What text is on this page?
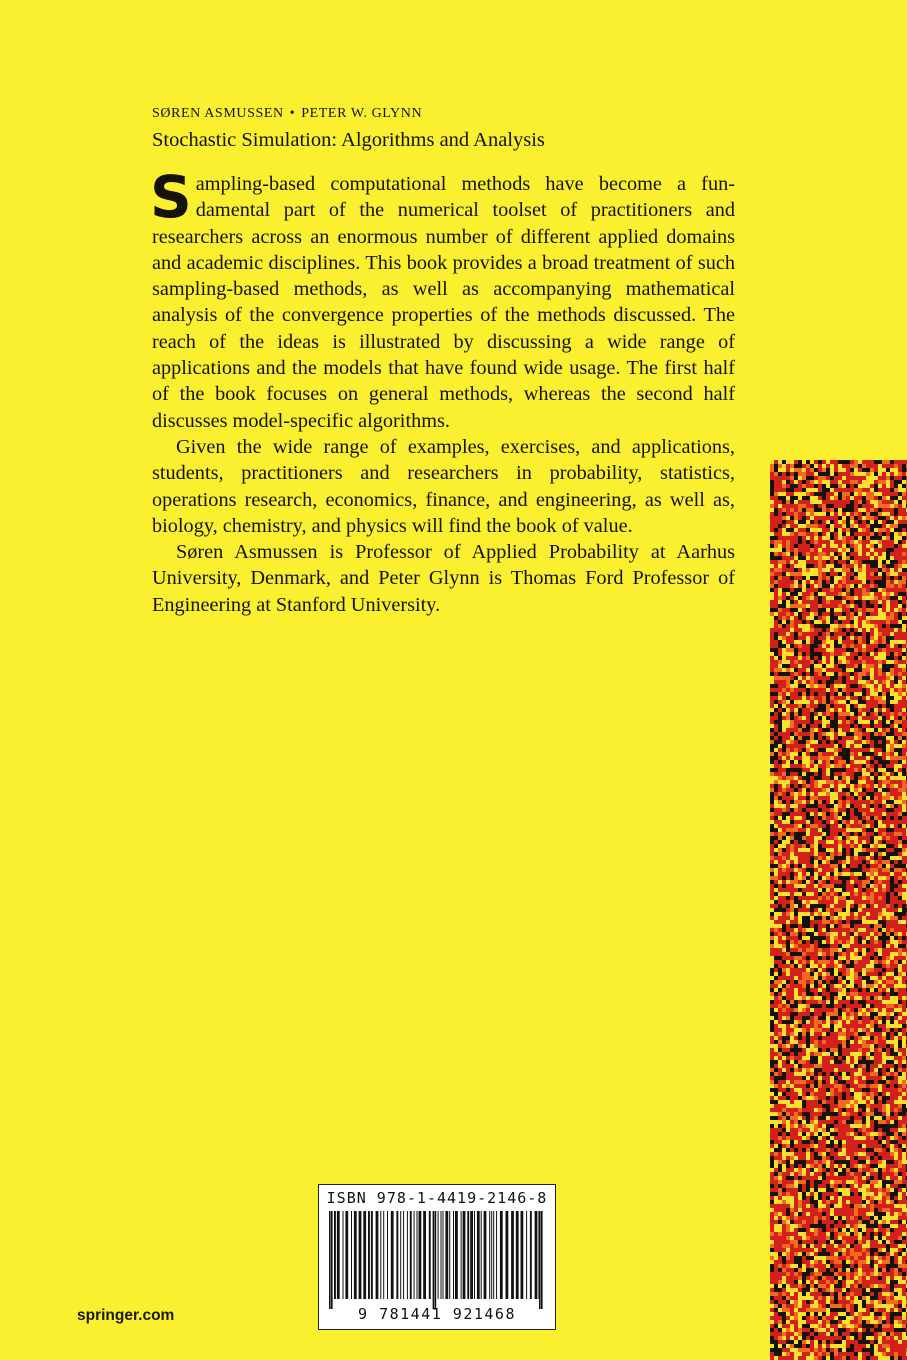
SØREN ASMUSSEN • PETER W. GLYNN
Stochastic Simulation: Algorithms and Analysis

Sampling-based computational methods have become a fundamental part of the numerical toolset of practitioners and researchers across an enormous number of different applied domains and academic disciplines. This book provides a broad treatment of such sampling-based methods, as well as accompanying mathematical analysis of the convergence properties of the methods discussed. The reach of the ideas is illustrated by discussing a wide range of applications and the models that have found wide usage. The first half of the book focuses on general methods, whereas the second half discusses model-specific algorithms.

Given the wide range of examples, exercises, and applications, students, practitioners and researchers in probability, statistics, operations research, economics, finance, and engineering, as well as, biology, chemistry, and physics will find the book of value.

Søren Asmussen is Professor of Applied Probability at Aarhus University, Denmark, and Peter Glynn is Thomas Ford Professor of Engineering at Stanford University.

ISBN 978-1-4419-2146-8
9 781441 921468
springer.com
